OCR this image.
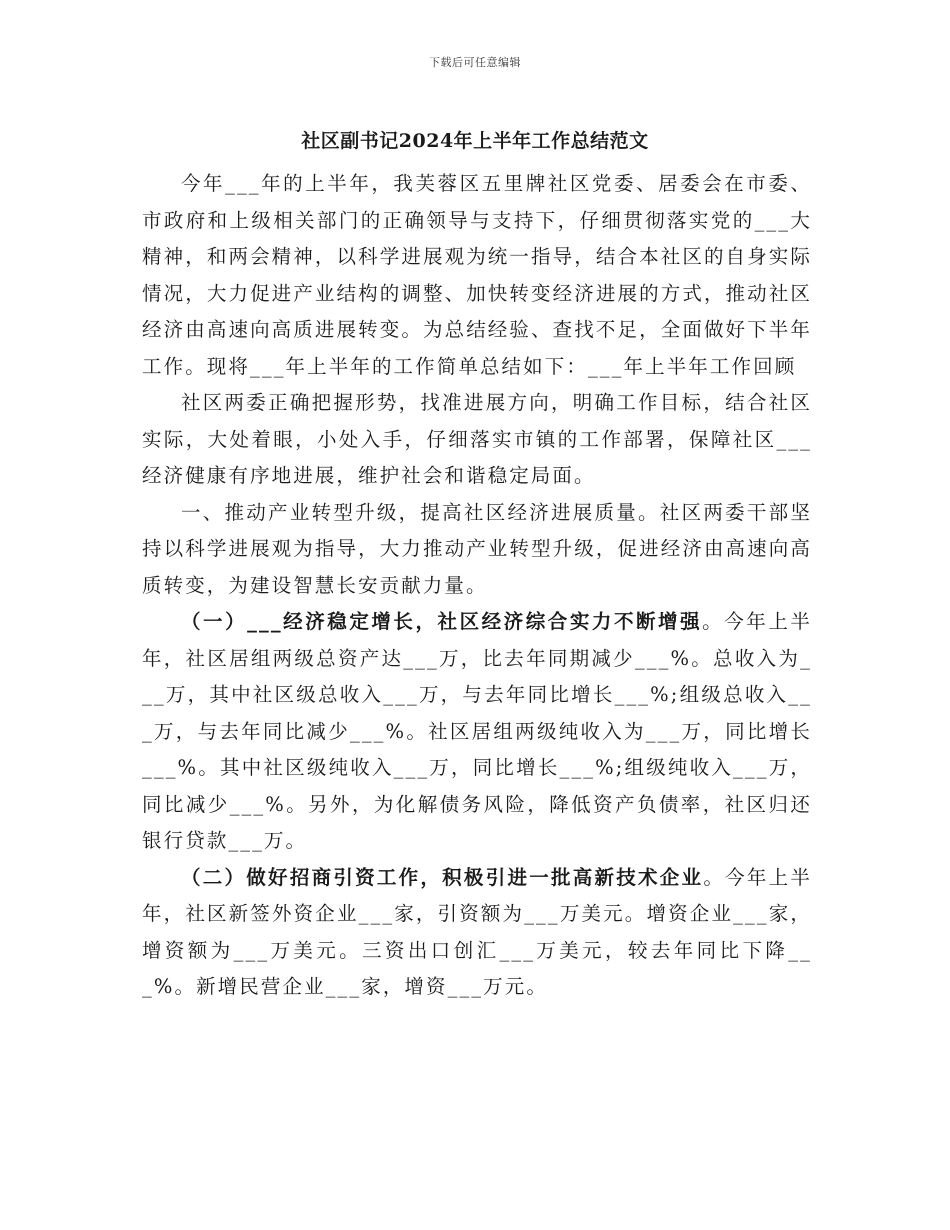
下载后可任意编辑
社区副书记2024年上半年工作总结范文

今年___年的上半年，我芙蓉区五里牌社区党委、居委会在市委、市政府和上级相关部门的正确领导与支持下，仔细贯彻落实党的___大精神，和两会精神，以科学进展观为统一指导，结合本社区的自身实际情况，大力促进产业结构的调整、加快转变经济进展的方式，推动社区经济由高速向高质进展转变。为总结经验、查找不足，全面做好下半年工作。现将___年上半年的工作简单总结如下：___年上半年工作回顾

社区两委正确把握形势，找准进展方向，明确工作目标，结合社区实际，大处着眼，小处入手，仔细落实市镇的工作部署，保障社区___经济健康有序地进展，维护社会和谐稳定局面。

一、推动产业转型升级，提高社区经济进展质量。社区两委干部坚持以科学进展观为指导，大力推动产业转型升级，促进经济由高速向高质转变，为建设智慧长安贡献力量。

（一）___经济稳定增长，社区经济综合实力不断增强。今年上半年，社区居组两级总资产达___万，比去年同期减少___%。总收入为___万，其中社区级总收入___万，与去年同比增长___%;组级总收入___万，与去年同比减少___%。社区居组两级纯收入为___万，同比增长___%。其中社区级纯收入___万，同比增长___%;组级纯收入___万，同比减少___%。另外，为化解债务风险，降低资产负债率，社区归还银行贷款___万。

（二）做好招商引资工作，积极引进一批高新技术企业。今年上半年，社区新签外资企业___家，引资额为___万美元。增资企业___家，增资额为___万美元。三资出口创汇___万美元，较去年同比下降___%。新增民营企业___家，增资___万元。
